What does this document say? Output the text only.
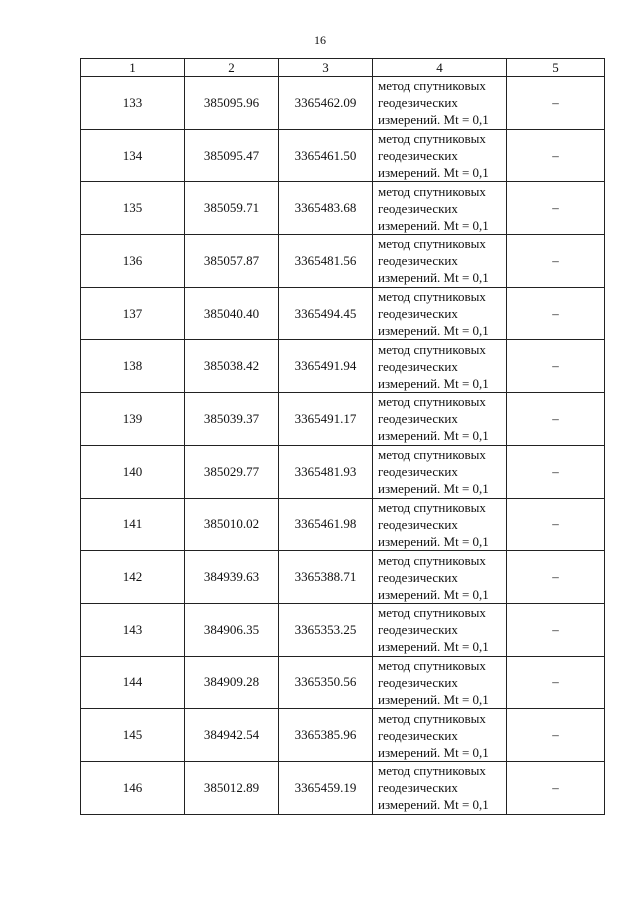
16
1	2	3	4	5
133	385095.96	3365462.09	метод спутниковых
геодезических
измерений. Mt = 0,1	–
134	385095.47	3365461.50	метод спутниковых
геодезических
измерений. Mt = 0,1	–
135	385059.71	3365483.68	метод спутниковых
геодезических
измерений. Mt = 0,1	–
136	385057.87	3365481.56	метод спутниковых
геодезических
измерений. Mt = 0,1	–
137	385040.40	3365494.45	метод спутниковых
геодезических
измерений. Mt = 0,1	–
138	385038.42	3365491.94	метод спутниковых
геодезических
измерений. Mt = 0,1	–
139	385039.37	3365491.17	метод спутниковых
геодезических
измерений. Mt = 0,1	–
140	385029.77	3365481.93	метод спутниковых
геодезических
измерений. Mt = 0,1	–
141	385010.02	3365461.98	метод спутниковых
геодезических
измерений. Mt = 0,1	–
142	384939.63	3365388.71	метод спутниковых
геодезических
измерений. Mt = 0,1	–
143	384906.35	3365353.25	метод спутниковых
геодезических
измерений. Mt = 0,1	–
144	384909.28	3365350.56	метод спутниковых
геодезических
измерений. Mt = 0,1	–
145	384942.54	3365385.96	метод спутниковых
геодезических
измерений. Mt = 0,1	–
146	385012.89	3365459.19	метод спутниковых
геодезических
измерений. Mt = 0,1	–
